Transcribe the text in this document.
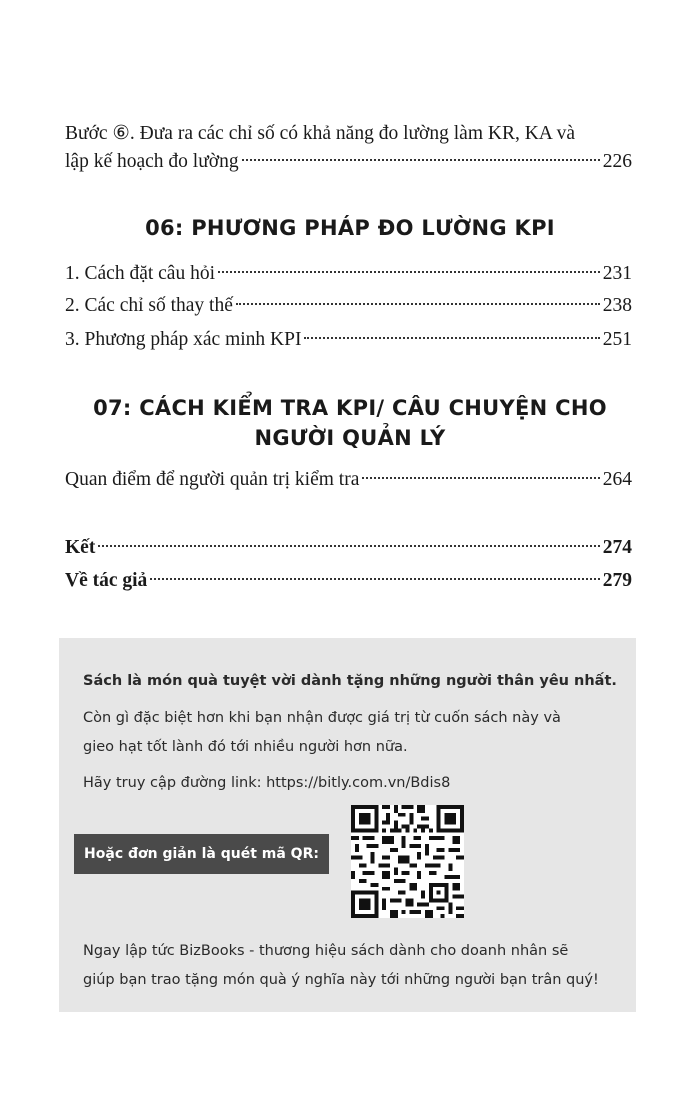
Bước ⑥. Đưa ra các chỉ số có khả năng đo lường làm KR, KA và
lập kế hoạch đo lường	226
06: PHƯƠNG PHÁP ĐO LƯỜNG KPI
1. Cách đặt câu hỏi	231
2. Các chỉ số thay thế	238
3. Phương pháp xác minh KPI	251
07: CÁCH KIỂM TRA KPI/ CÂU CHUYỆN CHO
NGƯỜI QUẢN LÝ
Quan điểm để người quản trị kiểm tra	264
Kết	274
Về tác giả	279
Sách là món quà tuyệt vời dành tặng những người thân yêu nhất.
Còn gì đặc biệt hơn khi bạn nhận được giá trị từ cuốn sách này và
gieo hạt tốt lành đó tới nhiều người hơn nữa.
Hãy truy cập đường link: https://bitly.com.vn/Bdis8
Hoặc đơn giản là quét mã QR:
Ngay lập tức BizBooks - thương hiệu sách dành cho doanh nhân sẽ
giúp bạn trao tặng món quà ý nghĩa này tới những người bạn trân quý!
